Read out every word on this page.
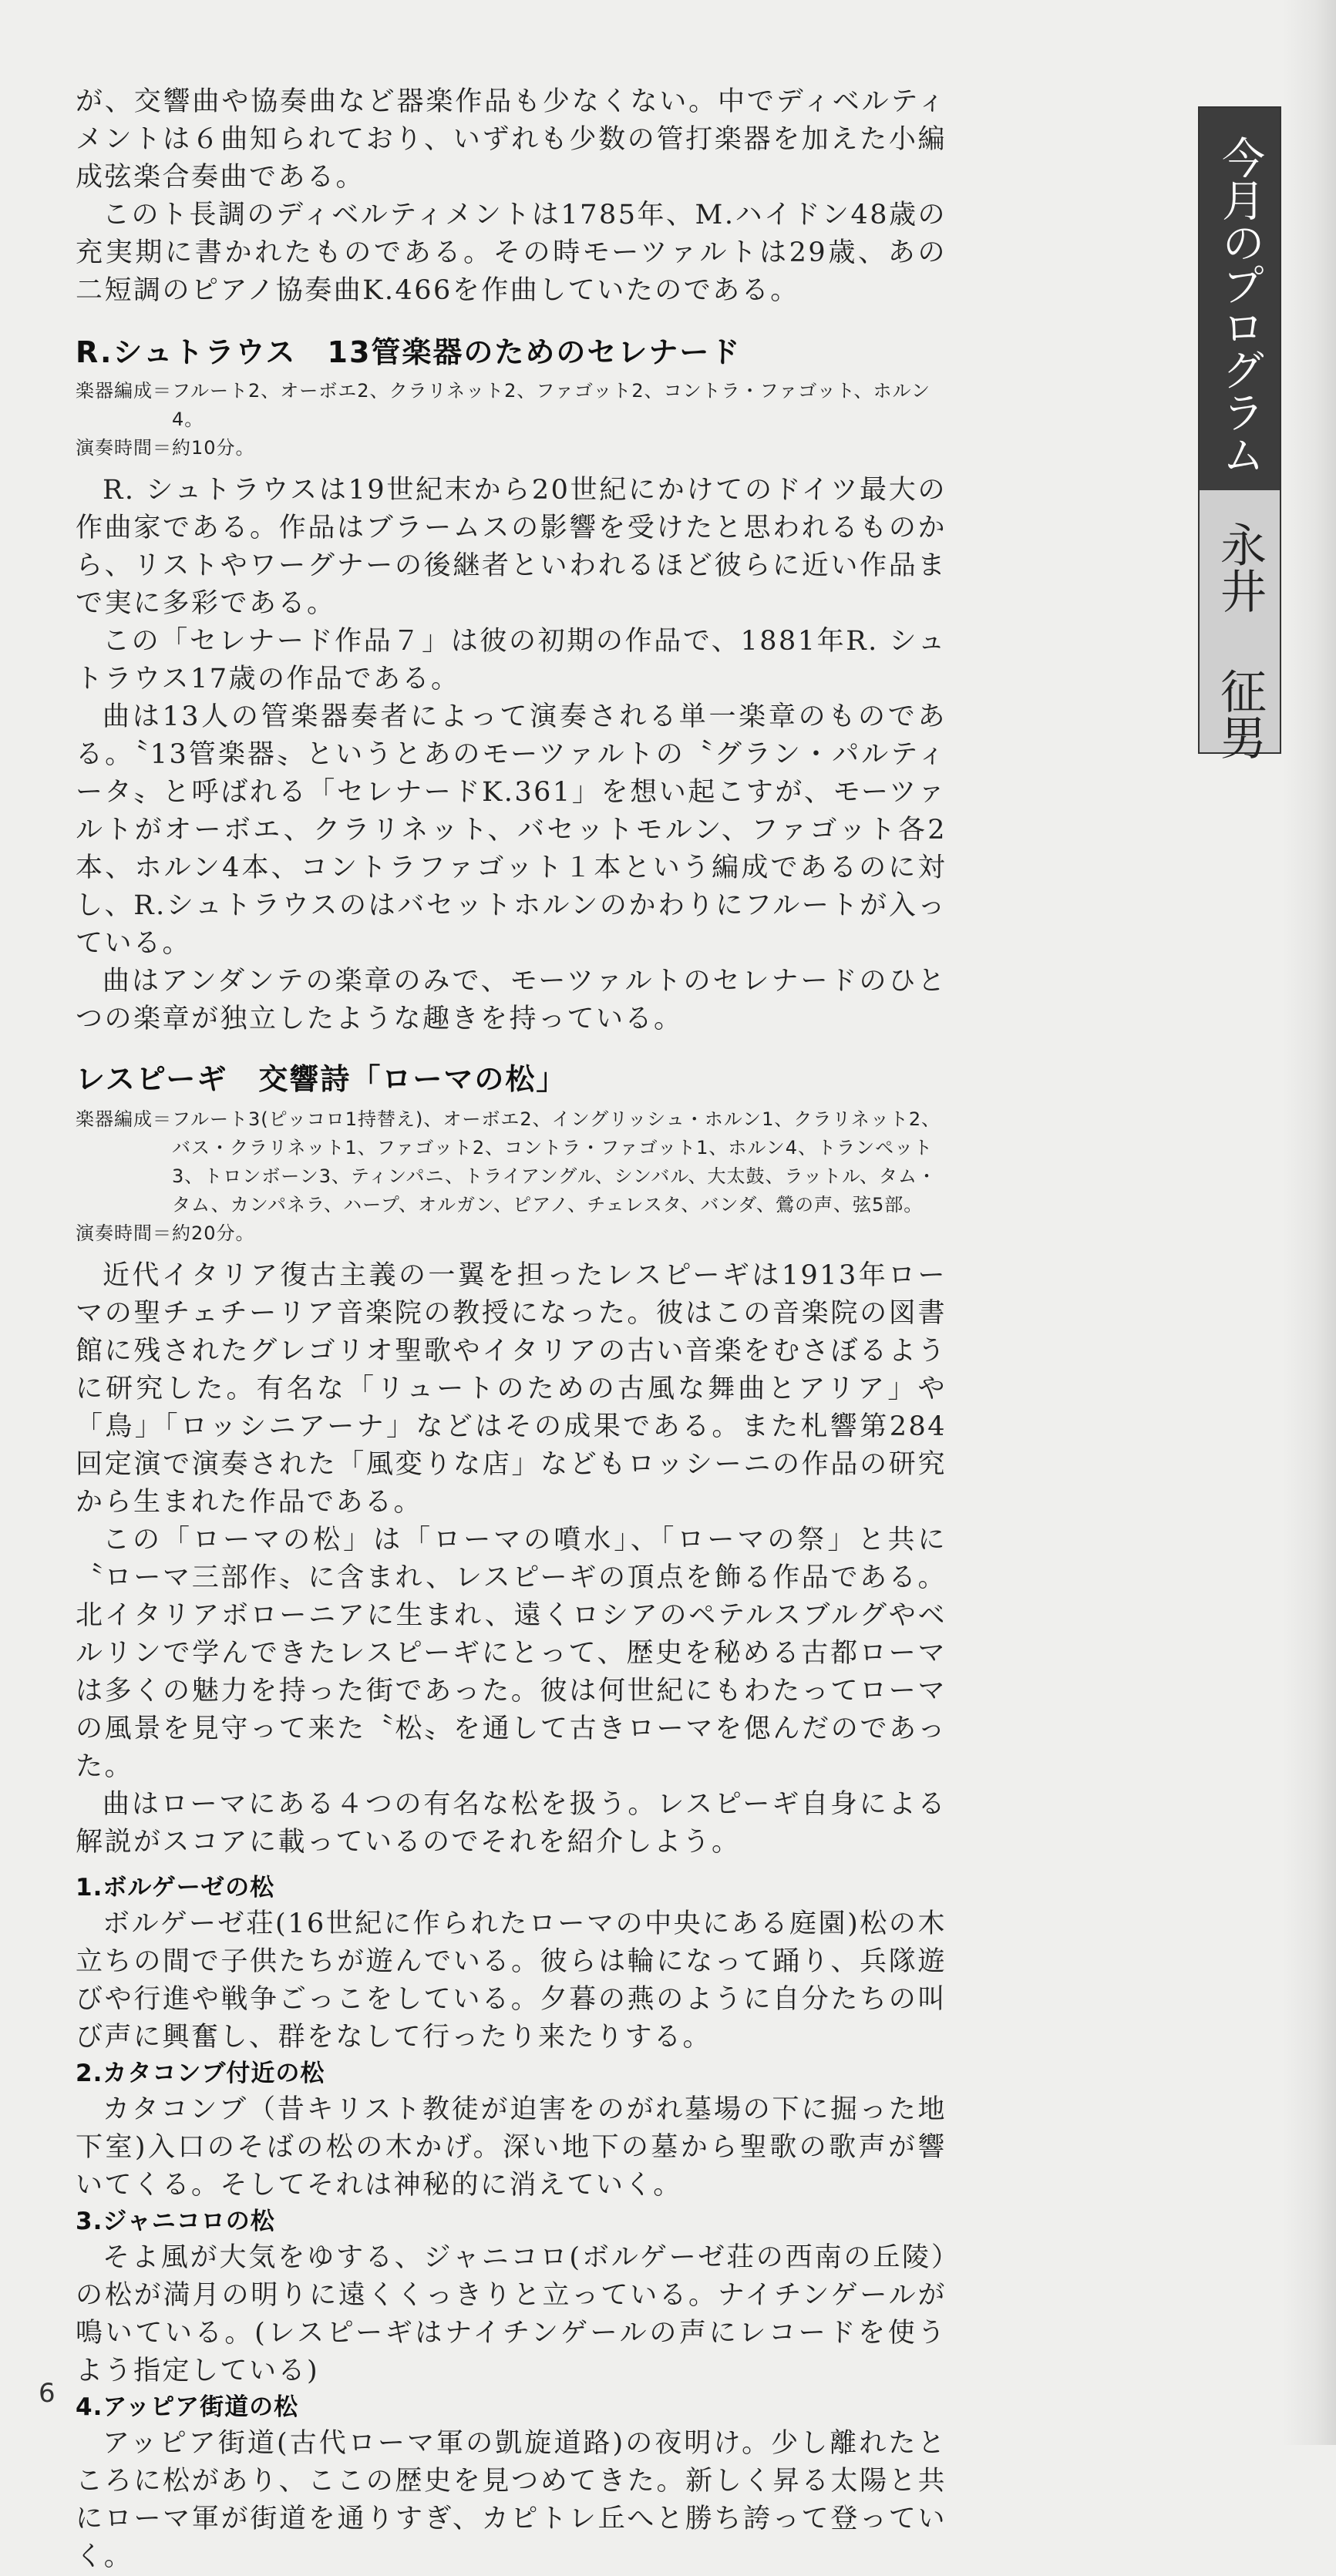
が、交響曲や協奏曲など器楽作品も少なくない。中でディベルティメントは６曲知られており、いずれも少数の管打楽器を加えた小編成弦楽合奏曲である。

このト長調のディベルティメントは1785年、M.ハイドン48歳の充実期に書かれたものである。その時モーツァルトは29歳、あの二短調のピアノ協奏曲K.466を作曲していたのである。

R.シュトラウス　13管楽器のためのセレナード
楽器編成＝ フルート2、オーボエ2、クラリネット2、ファゴット2、コントラ・ファゴット、ホルン4。
演奏時間＝ 約10分。

R. シュトラウスは19世紀末から20世紀にかけてのドイツ最大の作曲家である。作品はブラームスの影響を受けたと思われるものから、リストやワーグナーの後継者といわれるほど彼らに近い作品まで実に多彩である。

この「セレナード作品７」は彼の初期の作品で、1881年R. シュトラウス17歳の作品である。

曲は13人の管楽器奏者によって演奏される単一楽章のものである。〝13管楽器〟というとあのモーツァルトの〝グラン・パルティータ〟と呼ばれる「セレナードK.361」を想い起こすが、モーツァルトがオーボエ、クラリネット、バセットモルン、ファゴット各2本、ホルン4本、コントラファゴット１本という編成であるのに対し、R.シュトラウスのはバセットホルンのかわりにフルートが入っている。

曲はアンダンテの楽章のみで、モーツァルトのセレナードのひとつの楽章が独立したような趣きを持っている。

レスピーギ　交響詩「ローマの松」
楽器編成＝ フルート3(ピッコロ1持替え)、オーボエ2、イングリッシュ・ホルン1、クラリネット2、バス・クラリネット1、ファゴット2、コントラ・ファゴット1、ホルン4、トランペット3、トロンボーン3、ティンパニ、トライアングル、シンバル、大太鼓、ラットル、タム・タム、カンパネラ、ハープ、オルガン、ピアノ、チェレスタ、バンダ、鶯の声、弦5部。
演奏時間＝ 約20分。

近代イタリア復古主義の一翼を担ったレスピーギは1913年ローマの聖チェチーリア音楽院の教授になった。彼はこの音楽院の図書館に残されたグレゴリオ聖歌やイタリアの古い音楽をむさぼるように研究した。有名な「リュートのための古風な舞曲とアリア」や「鳥」「ロッシニアーナ」などはその成果である。また札響第284回定演で演奏された「風変りな店」などもロッシーニの作品の研究から生まれた作品である。

この「ローマの松」は「ローマの噴水」、「ローマの祭」と共に〝ローマ三部作〟に含まれ、レスピーギの頂点を飾る作品である。北イタリアボローニアに生まれ、遠くロシアのペテルスブルグやベルリンで学んできたレスピーギにとって、歴史を秘める古都ローマは多くの魅力を持った街であった。彼は何世紀にもわたってローマの風景を見守って来た〝松〟を通して古きローマを偲んだのであった。

曲はローマにある４つの有名な松を扱う。レスピーギ自身による解説がスコアに載っているのでそれを紹介しよう。

1.ボルゲーゼの松

ボルゲーゼ荘(16世紀に作られたローマの中央にある庭園)松の木立ちの間で子供たちが遊んでいる。彼らは輪になって踊り、兵隊遊びや行進や戦争ごっこをしている。夕暮の燕のように自分たちの叫び声に興奮し、群をなして行ったり来たりする。

2.カタコンブ付近の松

カタコンブ（昔キリスト教徒が迫害をのがれ墓場の下に掘った地下室)入口のそばの松の木かげ。深い地下の墓から聖歌の歌声が響いてくる。そしてそれは神秘的に消えていく。

3.ジャニコロの松

そよ風が大気をゆする、ジャニコロ(ボルゲーゼ荘の西南の丘陵）の松が満月の明りに遠くくっきりと立っている。ナイチンゲールが鳴いている。(レスピーギはナイチンゲールの声にレコードを使うよう指定している)

4.アッピア街道の松

アッピア街道(古代ローマ軍の凱旋道路)の夜明け。少し離れたところに松があり、ここの歴史を見つめてきた。新しく昇る太陽と共にローマ軍が街道を通りすぎ、カピトレ丘へと勝ち誇って登っていく。

今月のプログラム
永井 征男
6
